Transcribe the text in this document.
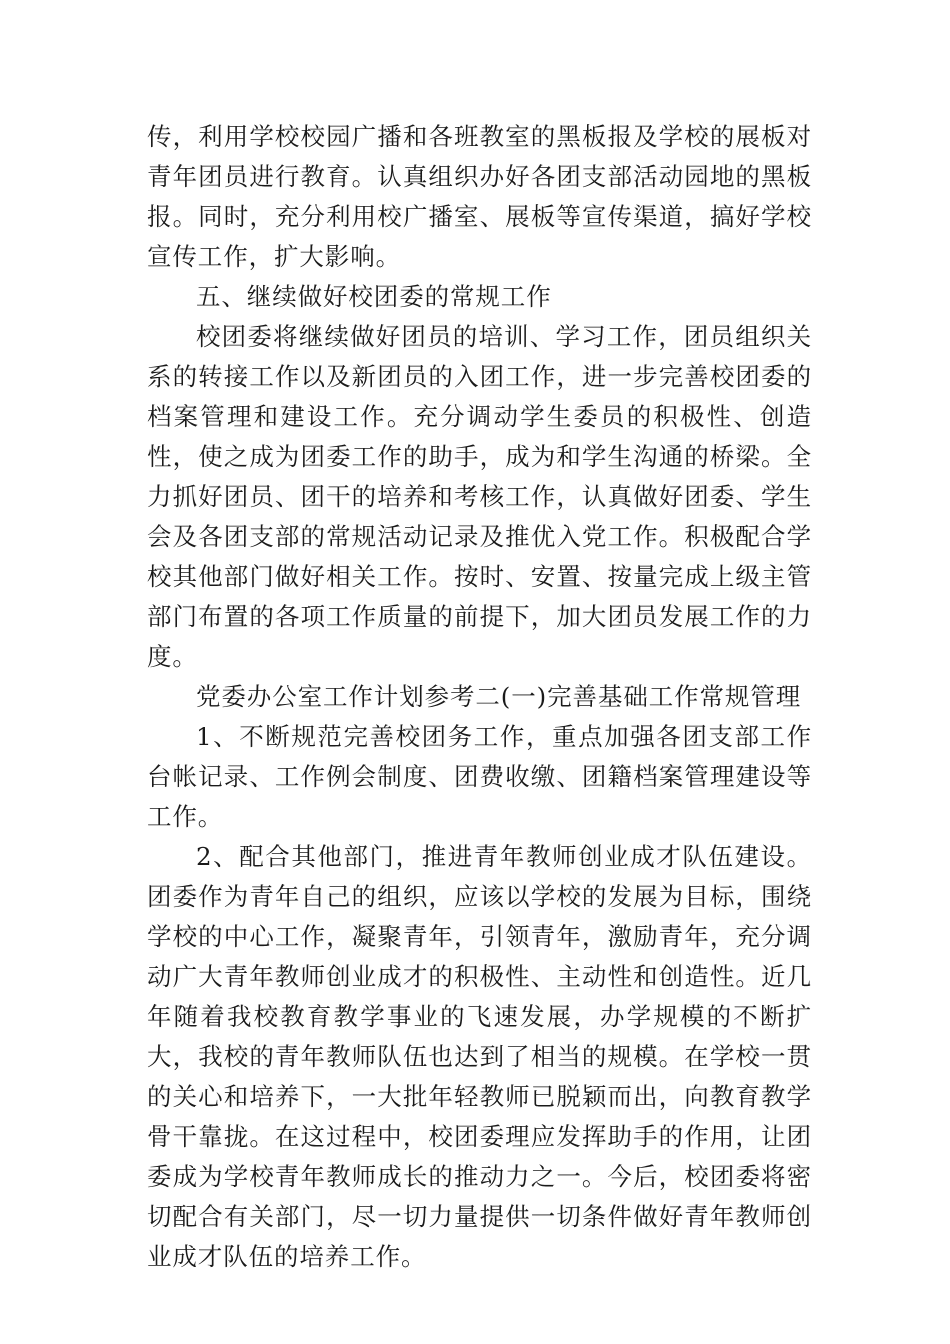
传，利用学校校园广播和各班教室的黑板报及学校的展板对青年团员进行教育。认真组织办好各团支部活动园地的黑板报。同时，充分利用校广播室、展板等宣传渠道，搞好学校宣传工作，扩大影响。

五、继续做好校团委的常规工作

校团委将继续做好团员的培训、学习工作，团员组织关系的转接工作以及新团员的入团工作，进一步完善校团委的档案管理和建设工作。充分调动学生委员的积极性、创造性，使之成为团委工作的助手，成为和学生沟通的桥梁。全力抓好团员、团干的培养和考核工作，认真做好团委、学生会及各团支部的常规活动记录及推优入党工作。积极配合学校其他部门做好相关工作。按时、安置、按量完成上级主管部门布置的各项工作质量的前提下，加大团员发展工作的力度。

党委办公室工作计划参考二(一)完善基础工作常规管理

1、不断规范完善校团务工作，重点加强各团支部工作台帐记录、工作例会制度、团费收缴、团籍档案管理建设等工作。

2、配合其他部门，推进青年教师创业成才队伍建设。团委作为青年自己的组织，应该以学校的发展为目标，围绕学校的中心工作，凝聚青年，引领青年，激励青年，充分调动广大青年教师创业成才的积极性、主动性和创造性。近几年随着我校教育教学事业的飞速发展，办学规模的不断扩大，我校的青年教师队伍也达到了相当的规模。在学校一贯的关心和培养下，一大批年轻教师已脱颖而出，向教育教学骨干靠拢。在这过程中，校团委理应发挥助手的作用，让团委成为学校青年教师成长的推动力之一。今后，校团委将密切配合有关部门，尽一切力量提供一切条件做好青年教师创业成才队伍的培养工作。
